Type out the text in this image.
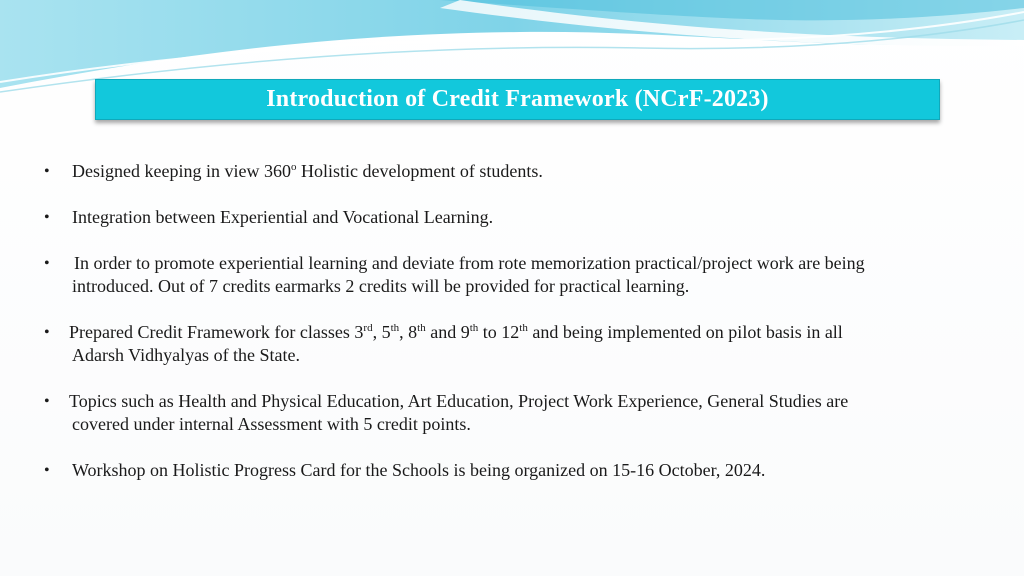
Introduction of Credit Framework (NCrF-2023)
•	Designed keeping in view 360$^o$ Holistic development of students.
•	Integration between Experiential and Vocational Learning.
•	In order to promote experiential learning and deviate from rote memorization practical/project work are being
introduced. Out of 7 credits earmarks 2 credits will be provided for practical learning.
•	Prepared Credit Framework for classes 3rd, 5th, 8th and 9th to 12th and being implemented on pilot basis in all
Adarsh Vidhyalyas of the State.
•	Topics such as Health and Physical Education, Art Education, Project Work Experience, General Studies are
covered under internal Assessment with 5 credit points.
•	Workshop on Holistic Progress Card for the Schools is being organized on 15-16 October, 2024.
